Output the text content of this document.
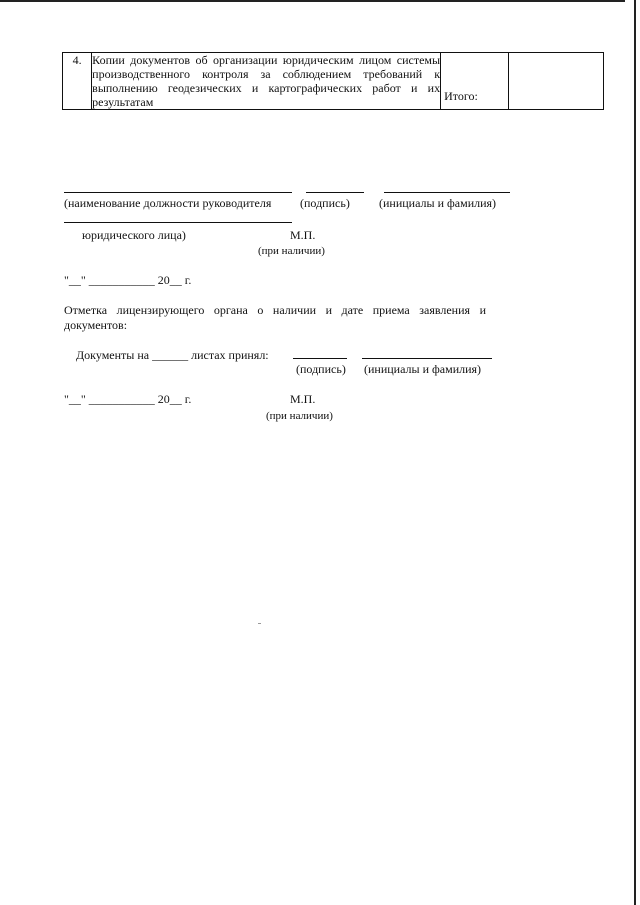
4.	Копии документов об организации юридическим лицом системы производственного контроля за соблюдением требований к выполнению геодезических и картографических работ и их результатам	Итого:

(наименование должности руководителя (подпись) (инициалы и фамилия)
юридического лица)	М.П.
(при наличии)
"__" ___________ 20__ г.
Отметка лицензирующего органа о наличии и дате приема заявления и документов:
Документы на ______ листах принял:
(подпись) (инициалы и фамилия)
"__" ___________ 20__ г.	М.П.
(при наличии)
